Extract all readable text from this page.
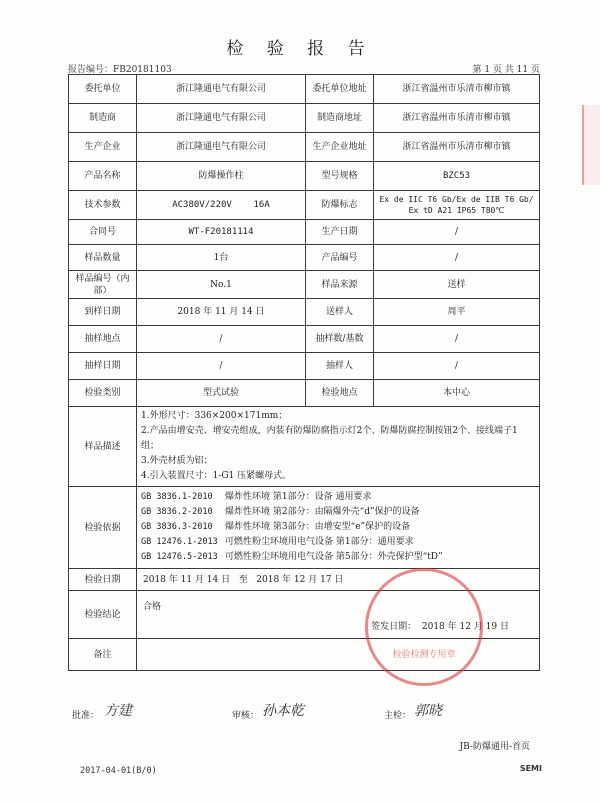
检 验 报 告
报告编号：FB20181103	第 1 页 共 11 页
委托单位	浙江隆通电气有限公司	委托单位地址	浙江省温州市乐清市柳市镇
制造商	浙江隆通电气有限公司	制造商地址	浙江省温州市乐清市柳市镇
生产企业	浙江隆通电气有限公司	生产企业地址	浙江省温州市乐清市柳市镇
产品名称	防爆操作柱	型号规格	BZC53
技术参数	AC380V/220V    16A	防爆标志	Ex de IIC T6 Gb/Ex de IIB T6 Gb/ Ex tD A21 IP65 T80℃
合同号	WT-F20181114	生产日期	/
样品数量	1台	产品编号	/
样品编号（内部）	No.1	样品来源	送样
到样日期	2018 年 11 月 14 日	送样人	周平
抽样地点	/	抽样数/基数	/
抽样日期	/	抽样人	/
检验类别	型式试验	检验地点	本中心
样品描述	1.外形尺寸：336×200×171mm；
2.产品由增安壳、增安壳组成，内装有防爆防腐指示灯2个、防爆防腐控制按钮2个、接线端子1组；
3.外壳材质为铝；
4.引入装置尺寸：1-G1 压紧螺母式。		

检验依据	GB 3836.1-2010 爆炸性环境 第1部分：设备 通用要求
GB 3836.2-2010 爆炸性环境 第2部分：由隔爆外壳“d”保护的设备
GB 3836.3-2010 爆炸性环境 第3部分：由增安型“e”保护的设备
GB 12476.1-2013 可燃性粉尘环境用电气设备 第1部分：通用要求
GB 12476.5-2013 可燃性粉尘环境用电气设备 第5部分：外壳保护型“tD”		

检验日期	2018 年 11 月 14 日   至   2018 年 12 月 17 日		
检验结论	合格
签发日期：  2018 年 12 月 19 日		

备注				检验检测专用章
批准： 方建	审核： 孙本乾	主检： 郭晓
JB-防爆通用-首页
2017-04-01(B/0)	SEMI
